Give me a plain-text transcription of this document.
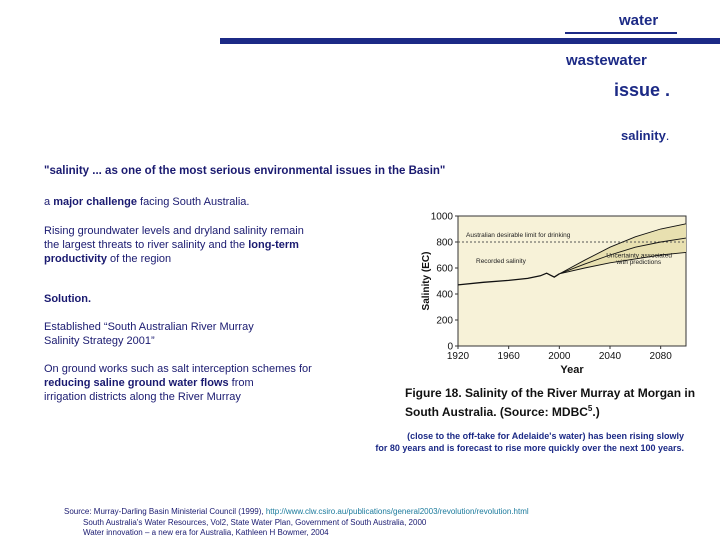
water
wastewater
issue .
salinity.
"salinity ... as one of the most serious environmental issues in the Basin"
a major challenge facing South Australia.
Rising groundwater levels and dryland salinity remain
the largest threats to river salinity and the long-term
productivity of the region
Solution.
Established “South Australian River Murray
Salinity Strategy 2001”
On ground works such as salt interception schemes for
reducing saline ground water flows from
irrigation districts along the River Murray
0
200
400
600
800
1000
1920	1960	2000	2040	2080
Australian desirable limit for drinking
Recorded salinity
Uncertainty associated
with predictions
Year
Salinity (EC)
Figure 18. Salinity of the River Murray at Morgan in
South Australia. (Source: MDBC$^5$.)
(close to the off-take for Adelaide's water) has been rising slowly
for 80 years and is forecast to rise more quickly over the next 100 years.
Source: Murray-Darling Basin Ministerial Council (1999), http://www.clw.csiro.au/publications/general2003/revolution/revolution.html
South Australia's Water Resources, Vol2, State Water Plan, Government of South Australia, 2000
Water innovation – a new era for Australia, Kathleen H Bowmer, 2004
